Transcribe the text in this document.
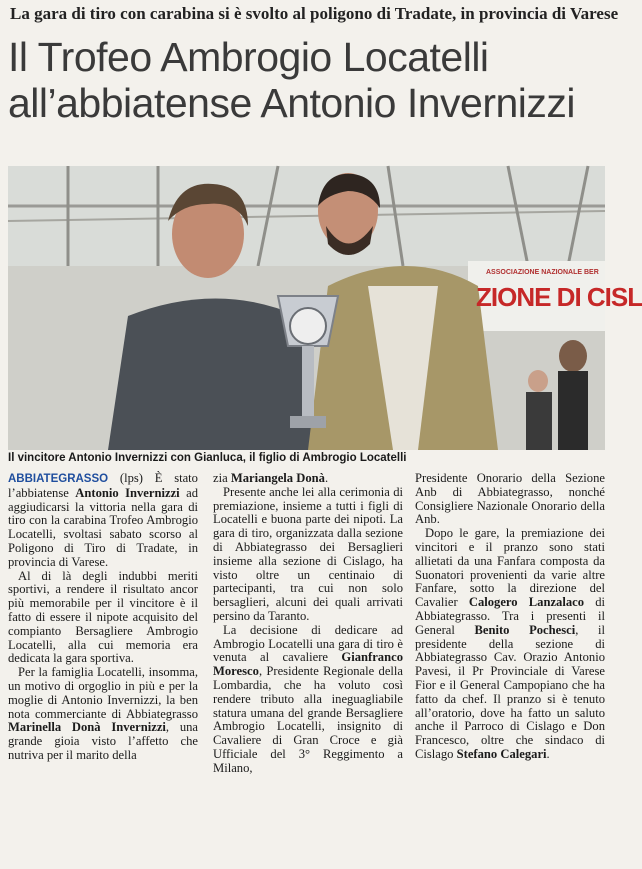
La gara di tiro con carabina si è svolto al poligono di Tradate, in provincia di Varese
Il Trofeo Ambrogio Locatelli
all’abbiatense Antonio Invernizzi
ASSOCIAZIONE NAZIONALE BER
ZIONE DI CISL
Il vincitore Antonio Invernizzi con Gianluca, il figlio di Ambrogio Locatelli

ABBIATEGRASSO (lps) È stato l’abbiatense Antonio Invernizzi ad aggiudicarsi la vittoria nella gara di tiro con la carabina Trofeo Ambrogio Locatelli, svoltasi sabato scorso al Poligono di Tiro di Tradate, in provincia di Varese.

Al di là degli indubbi meriti sportivi, a rendere il risultato ancor più memorabile per il vincitore è il fatto di essere il nipote acquisito del compianto Bersagliere Ambrogio Locatelli, alla cui memoria era dedicata la gara sportiva.

Per la famiglia Locatelli, insomma, un motivo di orgoglio in più e per la moglie di Antonio Invernizzi, la ben nota commerciante di Abbiategrasso Marinella Donà Invernizzi, una grande gioia visto l’affetto che nutriva per il marito della

zia Mariangela Donà.

Presente anche lei alla cerimonia di premiazione, insieme a tutti i figli di Locatelli e buona parte dei nipoti. La gara di tiro, organizzata dalla sezione di Abbiategrasso dei Bersaglieri insieme alla sezione di Cislago, ha visto oltre un centinaio di partecipanti, tra cui non solo bersaglieri, alcuni dei quali arrivati persino da Taranto.

La decisione di dedicare ad Ambrogio Locatelli una gara di tiro è venuta al cavaliere Gianfranco Moresco, Presidente Regionale della Lombardia, che ha voluto così rendere tributo alla ineguagliabile statura umana del grande Bersagliere Ambrogio Locatelli, insignito di Cavaliere di Gran Croce e già Ufficiale del 3° Reggimento a Milano,

Presidente Onorario della Sezione Anb di Abbiategrasso, nonché Consigliere Nazionale Onorario della Anb.

Dopo le gare, la premiazione dei vincitori e il pranzo sono stati allietati da una Fanfara composta da Suonatori provenienti da varie altre Fanfare, sotto la direzione del Cavalier Calogero Lanzalaco di Abbiategrasso. Tra i presenti il General Benito Pochesci, il presidente della sezione di Abbiategrasso Cav. Orazio Antonio Pavesi, il Pr Provinciale di Varese Fior e il General Campopiano che ha fatto da chef. Il pranzo si è tenuto all’oratorio, dove ha fatto un saluto anche il Parroco di Cislago e Don Francesco, oltre che sindaco di Cislago Stefano Calegari.
